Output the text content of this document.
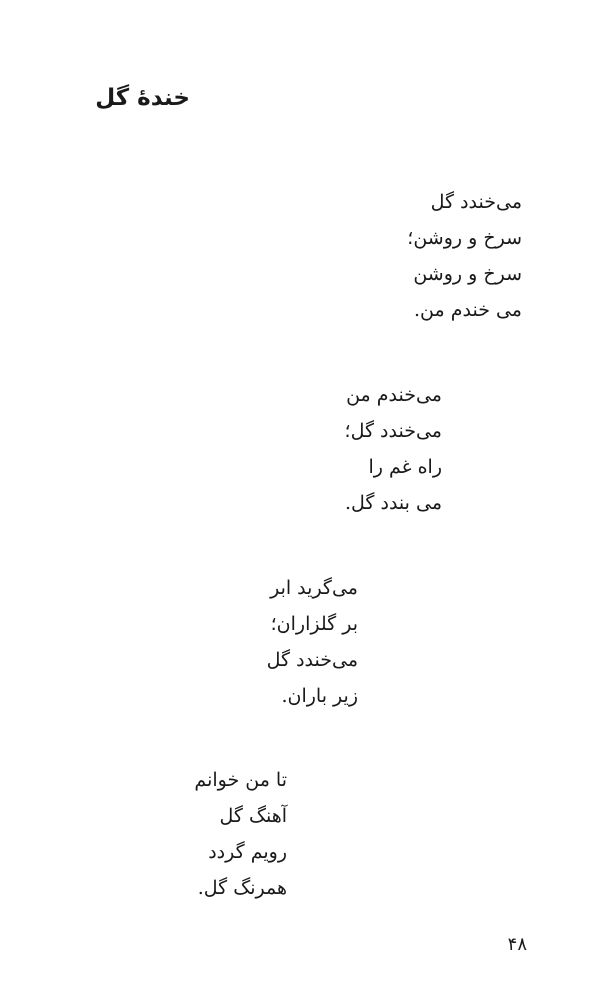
خندهٔ گل
می‌خندد گل
سرخ و روشن؛
سرخ و روشن
می خندم من.
می‌خندم من
می‌خندد گل؛
راه غم را
می بندد گل.
می‌گرید ابر
بر گلزاران؛
می‌خندد گل
زیر باران.
تا من خوانم
آهنگ گل
رویم گردد
همرنگ گل.
۴۸
